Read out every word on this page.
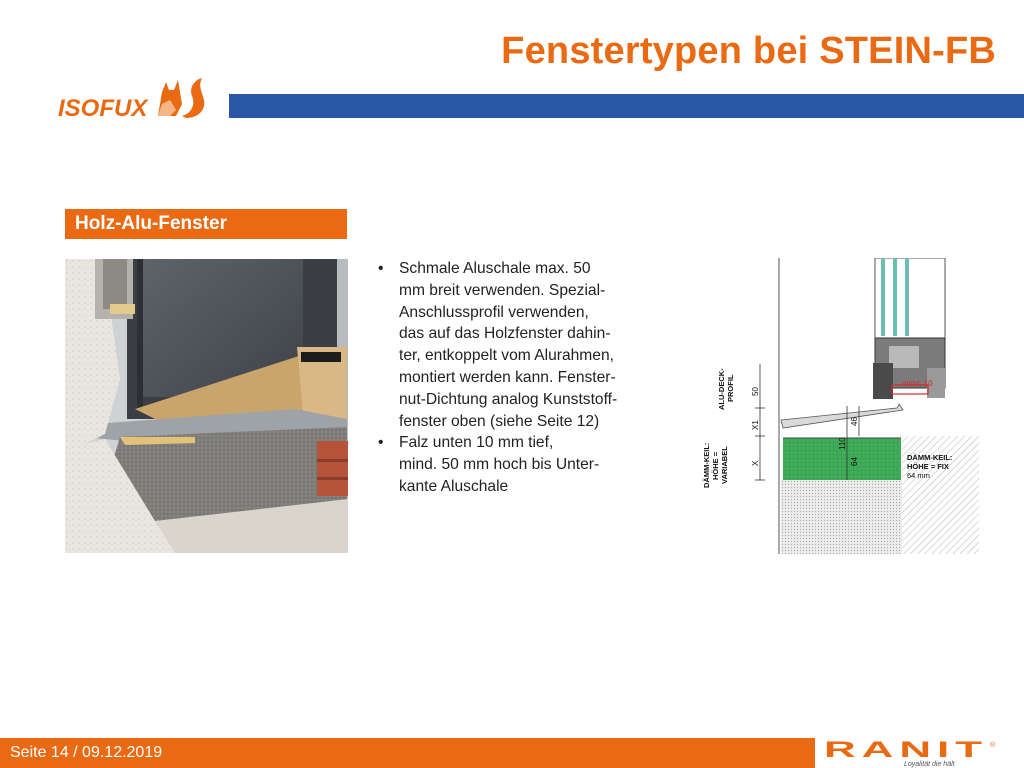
Fenstertypen bei STEIN-FB
ISOFUX
Holz-Alu-Fenster
• Schmale Aluschale max. 50
mm breit verwenden. Spezial-
Anschlussprofil verwenden,
das auf das Holzfenster dahin-
ter, entkoppelt vom Alurahmen,
montiert werden kann. Fenster-
nut-Dichtung analog Kunststoff-
fenster oben (siehe Seite 12)
• Falz unten 10 mm tief,
mind. 50 mm hoch bis Unter-
kante Aluschale
mind. 10
50
X1
X
46
110
64
ALU-DECK- PROFIL
DÄMM-KEIL: HÖHE = VARIABEL	DÄMM-KEIL:
HÖHE = FIX
64 mm
Seite 14 / 09.12.2019	RANIT ®
Loyalität die hält
